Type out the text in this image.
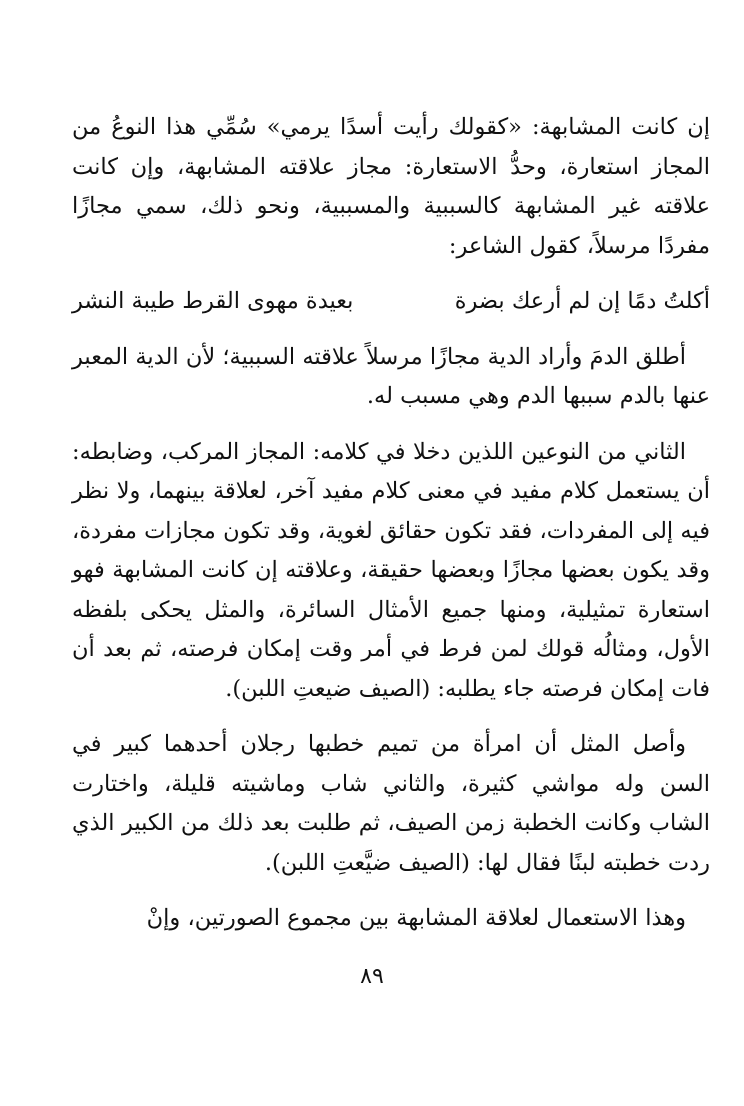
إن كانت المشابهة: «كقولك رأيت أسدًا يرمي» سُمِّي هذا النوعُ من المجاز استعارة، وحدُّ الاستعارة: مجاز علاقته المشابهة، وإن كانت علاقته غير المشابهة كالسببية والمسببية، ونحو ذلك، سمي مجازًا مفردًا مرسلاً، كقول الشاعر:

أكلتُ دمًا إن لم أرعك بضرة
بعيدة مهوى القرط طيبة النشر

أطلق الدمَ وأراد الدية مجازًا مرسلاً علاقته السببية؛ لأن الدية المعبر عنها بالدم سببها الدم وهي مسبب له.

الثاني من النوعين اللذين دخلا في كلامه: المجاز المركب، وضابطه: أن يستعمل كلام مفيد في معنى كلام مفيد آخر، لعلاقة بينهما، ولا نظر فيه إلى المفردات، فقد تكون حقائق لغوية، وقد تكون مجازات مفردة، وقد يكون بعضها مجازًا وبعضها حقيقة، وعلاقته إن كانت المشابهة فهو استعارة تمثيلية، ومنها جميع الأمثال السائرة، والمثل يحكى بلفظه الأول، ومثالُه قولك لمن فرط في أمر وقت إمكان فرصته، ثم بعد أن فات إمكان فرصته جاء يطلبه: (الصيف ضيعتِ اللبن).

وأصل المثل أن امرأة من تميم خطبها رجلان أحدهما كبير في السن وله مواشي كثيرة، والثاني شاب وماشيته قليلة، واختارت الشاب وكانت الخطبة زمن الصيف، ثم طلبت بعد ذلك من الكبير الذي ردت خطبته لبنًا فقال لها: (الصيف ضيَّعتِ اللبن).

وهذا الاستعمال لعلاقة المشابهة بين مجموع الصورتين، وإنْ

٨٩
